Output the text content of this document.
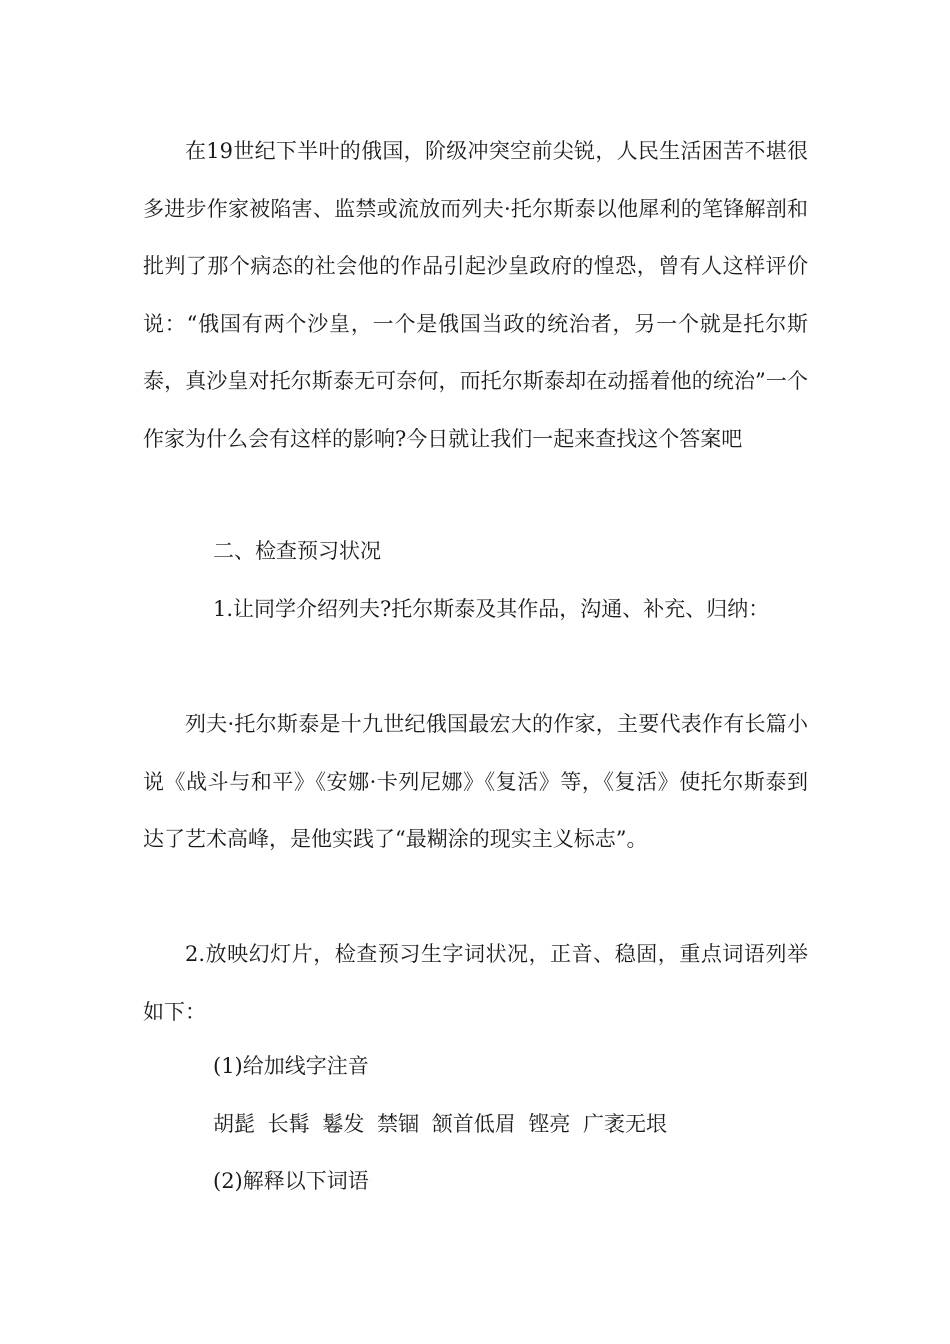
在19世纪下半叶的俄国，阶级冲突空前尖锐，人民生活困苦不堪很多进步作家被陷害、监禁或流放而列夫·托尔斯泰以他犀利的笔锋解剖和批判了那个病态的社会他的作品引起沙皇政府的惶恐，曾有人这样评价说：“俄国有两个沙皇，一个是俄国当政的统治者，另一个就是托尔斯泰，真沙皇对托尔斯泰无可奈何，而托尔斯泰却在动摇着他的统治”一个作家为什么会有这样的影响?今日就让我们一起来查找这个答案吧

二、检查预习状况

1.让同学介绍列夫?托尔斯泰及其作品，沟通、补充、归纳：

列夫·托尔斯泰是十九世纪俄国最宏大的作家，主要代表作有长篇小说《战斗与和平》《安娜·卡列尼娜》《复活》等，《复活》使托尔斯泰到达了艺术高峰，是他实践了“最糊涂的现实主义标志”。

2.放映幻灯片，检查预习生字词状况，正音、稳固，重点词语列举如下：

(1)给加线字注音

胡髭 长髯 鬈发 禁锢 颔首低眉 铿亮 广袤无垠

(2)解释以下词语
